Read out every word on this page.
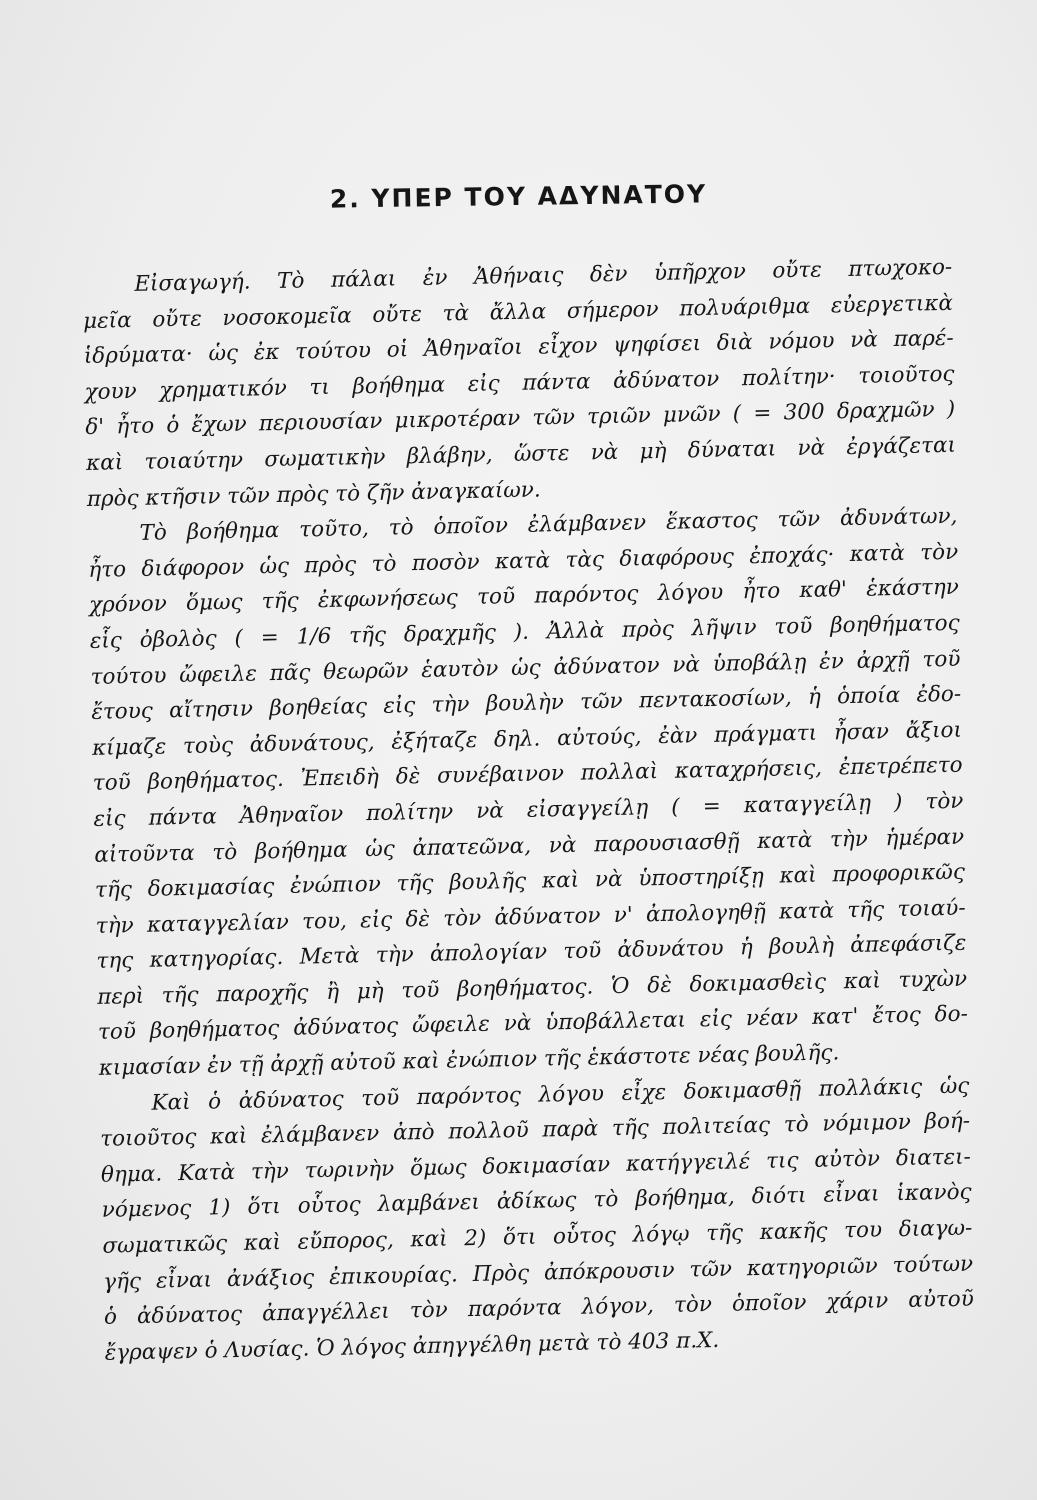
2. ΥΠΕΡ ΤΟΥ ΑΔΥΝΑΤΟΥ
Εἰσαγωγή. Τὸ πάλαι ἐν Ἀθήναις δὲν ὑπῆρχον οὔτε πτωχοκο-
μεῖα οὔτε νοσοκομεῖα οὔτε τὰ ἄλλα σήμερον πολυάριθμα εὐεργετικὰ
ἱδρύματα· ὡς ἐκ τούτου οἱ Ἀθηναῖοι εἶχον ψηφίσει διὰ νόμου νὰ παρέ-
χουν χρηματικόν τι βοήθημα εἰς πάντα ἀδύνατον πολίτην· τοιοῦτος
δ' ἦτο ὁ ἔχων περιουσίαν μικροτέραν τῶν τριῶν μνῶν ( = 300 δραχμῶν )
καὶ τοιαύτην σωματικὴν βλάβην, ὥστε νὰ μὴ δύναται νὰ ἐργάζεται
πρὸς κτῆσιν τῶν πρὸς τὸ ζῆν ἀναγκαίων.
Τὸ βοήθημα τοῦτο, τὸ ὁποῖον ἐλάμβανεν ἕκαστος τῶν ἀδυνάτων,
ἦτο διάφορον ὡς πρὸς τὸ ποσὸν κατὰ τὰς διαφόρους ἐποχάς· κατὰ τὸν
χρόνον ὅμως τῆς ἐκφωνήσεως τοῦ παρόντος λόγου ἦτο καθ' ἑκάστην
εἷς ὀβολὸς ( = 1/6 τῆς δραχμῆς ). Ἀλλὰ πρὸς λῆψιν τοῦ βοηθήματος
τούτου ὤφειλε πᾶς θεωρῶν ἑαυτὸν ὡς ἀδύνατον νὰ ὑποβάλῃ ἐν ἀρχῇ τοῦ
ἔτους αἴτησιν βοηθείας εἰς τὴν βουλὴν τῶν πεντακοσίων, ἡ ὁποία ἐδο-
κίμαζε τοὺς ἀδυνάτους, ἐξήταζε δηλ. αὐτούς, ἐὰν πράγματι ἦσαν ἄξιοι
τοῦ βοηθήματος. Ἐπειδὴ δὲ συνέβαινον πολλαὶ καταχρήσεις, ἐπετρέπετο
εἰς πάντα Ἀθηναῖον πολίτην νὰ εἰσαγγείλῃ ( = καταγγείλῃ ) τὸν
αἰτοῦντα τὸ βοήθημα ὡς ἀπατεῶνα, νὰ παρουσιασθῇ κατὰ τὴν ἡμέραν
τῆς δοκιμασίας ἐνώπιον τῆς βουλῆς καὶ νὰ ὑποστηρίξῃ καὶ προφορικῶς
τὴν καταγγελίαν του, εἰς δὲ τὸν ἀδύνατον ν' ἀπολογηθῇ κατὰ τῆς τοιαύ-
της κατηγορίας. Μετὰ τὴν ἀπολογίαν τοῦ ἀδυνάτου ἡ βουλὴ ἀπεφάσιζε
περὶ τῆς παροχῆς ἢ μὴ τοῦ βοηθήματος. Ὁ δὲ δοκιμασθεὶς καὶ τυχὼν
τοῦ βοηθήματος ἀδύνατος ὤφειλε νὰ ὑποβάλλεται εἰς νέαν κατ' ἔτος δο-
κιμασίαν ἐν τῇ ἀρχῇ αὐτοῦ καὶ ἐνώπιον τῆς ἑκάστοτε νέας βουλῆς.
Καὶ ὁ ἀδύνατος τοῦ παρόντος λόγου εἶχε δοκιμασθῇ πολλάκις ὡς
τοιοῦτος καὶ ἐλάμβανεν ἀπὸ πολλοῦ παρὰ τῆς πολιτείας τὸ νόμιμον βοή-
θημα. Κατὰ τὴν τωρινὴν ὅμως δοκιμασίαν κατήγγειλέ τις αὐτὸν διατει-
νόμενος 1) ὅτι οὗτος λαμβάνει ἀδίκως τὸ βοήθημα, διότι εἶναι ἱκανὸς
σωματικῶς καὶ εὔπορος, καὶ 2) ὅτι οὗτος λόγῳ τῆς κακῆς του διαγω-
γῆς εἶναι ἀνάξιος ἐπικουρίας. Πρὸς ἀπόκρουσιν τῶν κατηγοριῶν τούτων
ὁ ἀδύνατος ἀπαγγέλλει τὸν παρόντα λόγον, τὸν ὁποῖον χάριν αὐτοῦ
ἔγραψεν ὁ Λυσίας. Ὁ λόγος ἀπηγγέλθη μετὰ τὸ 403 π.Χ.
